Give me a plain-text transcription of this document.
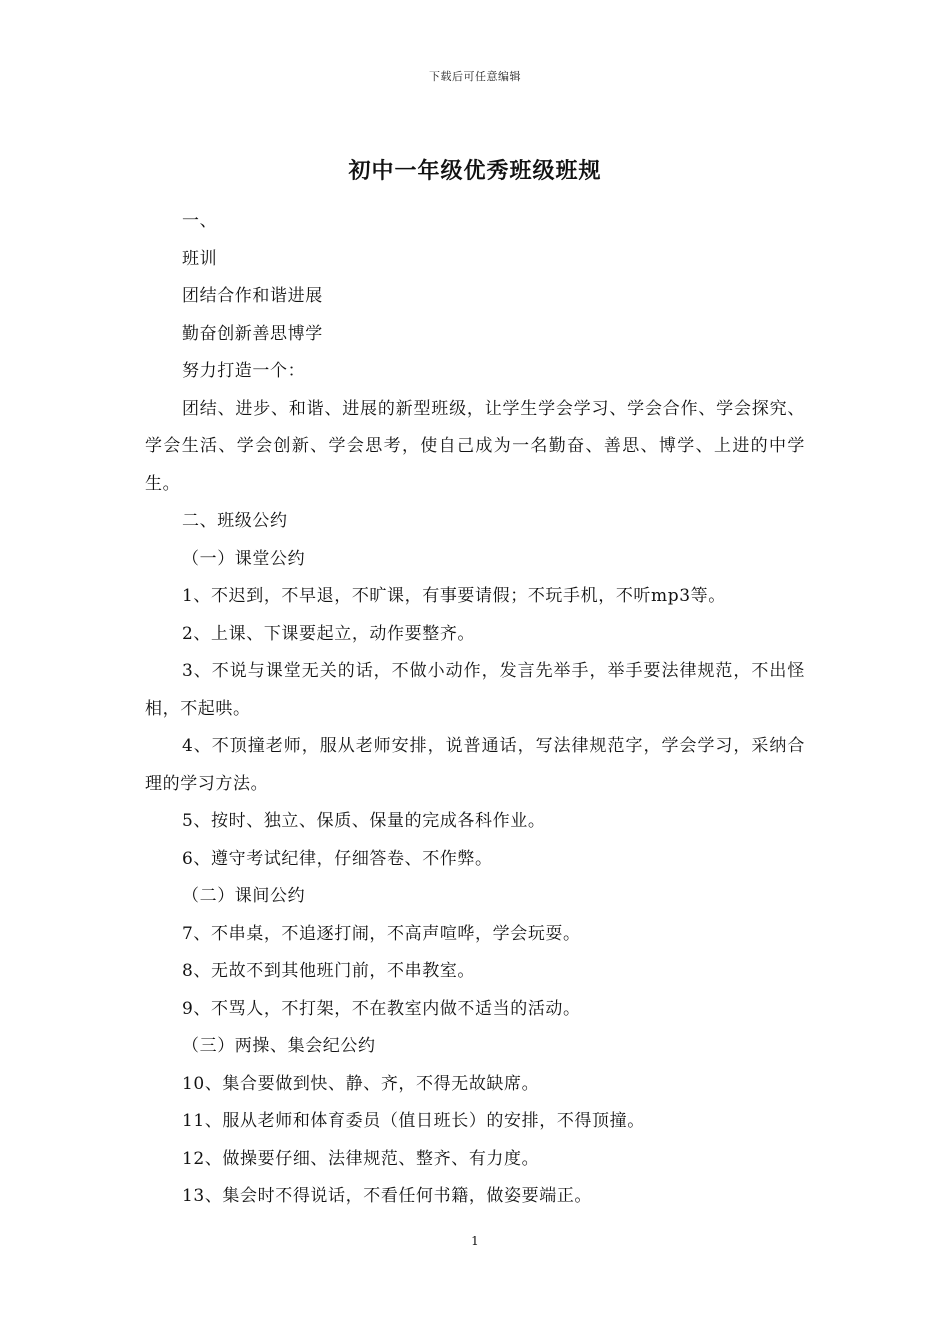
下载后可任意编辑
初中一年级优秀班级班规

一、

班训

团结合作和谐进展

勤奋创新善思博学

努力打造一个：

团结、进步、和谐、进展的新型班级，让学生学会学习、学会合作、学会探究、学会生活、学会创新、学会思考，使自己成为一名勤奋、善思、博学、上进的中学生。

二、班级公约

（一）课堂公约

1、不迟到，不早退，不旷课，有事要请假；不玩手机，不听mp3等。

2、上课、下课要起立，动作要整齐。

3、不说与课堂无关的话，不做小动作，发言先举手，举手要法律规范，不出怪相，不起哄。

4、不顶撞老师，服从老师安排，说普通话，写法律规范字，学会学习，采纳合理的学习方法。

5、按时、独立、保质、保量的完成各科作业。

6、遵守考试纪律，仔细答卷、不作弊。

（二）课间公约

7、不串桌，不追逐打闹，不高声喧哗，学会玩耍。

8、无故不到其他班门前，不串教室。

9、不骂人，不打架，不在教室内做不适当的活动。

（三）两操、集会纪公约

10、集合要做到快、静、齐，不得无故缺席。

11、服从老师和体育委员（值日班长）的安排，不得顶撞。

12、做操要仔细、法律规范、整齐、有力度。

13、集会时不得说话，不看任何书籍，做姿要端正。

1
